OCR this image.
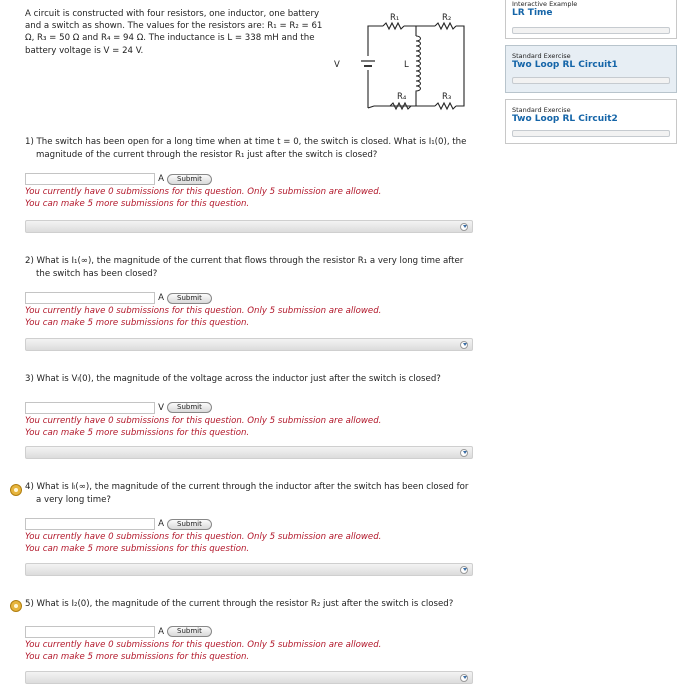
A circuit is constructed with four resistors, one inductor, one battery and a switch as shown. The values for the resistors are: R₁ = R₂ = 61 Ω, R₃ = 50 Ω and R₄ = 94 Ω. The inductance is L = 338 mH and the battery voltage is V = 24 V.
R₁	R₂
R₃
R₄
V	L
Interactive Example
LR Time
Standard Exercise
Two Loop RL Circuit1
Standard Exercise
Two Loop RL Circuit2
1) The switch has been open for a long time when at time t = 0, the switch is closed. What is I₁(0), the magnitude of the current through the resistor R₁ just after the switch is closed?
A	Submit
You currently have 0 submissions for this question. Only 5 submission are allowed.
You can make 5 more submissions for this question.
2) What is I₁(∞), the magnitude of the current that flows through the resistor R₁ a very long time after the switch has been closed?
A	Submit
You currently have 0 submissions for this question. Only 5 submission are allowed.
You can make 5 more submissions for this question.
3) What is Vₗ(0), the magnitude of the voltage across the inductor just after the switch is closed?
V	Submit
You currently have 0 submissions for this question. Only 5 submission are allowed.
You can make 5 more submissions for this question.
4) What is Iₗ(∞), the magnitude of the current through the inductor after the switch has been closed for a very long time?
A	Submit
You currently have 0 submissions for this question. Only 5 submission are allowed.
You can make 5 more submissions for this question.
5) What is I₂(0), the magnitude of the current through the resistor R₂ just after the switch is closed?
A	Submit
You currently have 0 submissions for this question. Only 5 submission are allowed.
You can make 5 more submissions for this question.
